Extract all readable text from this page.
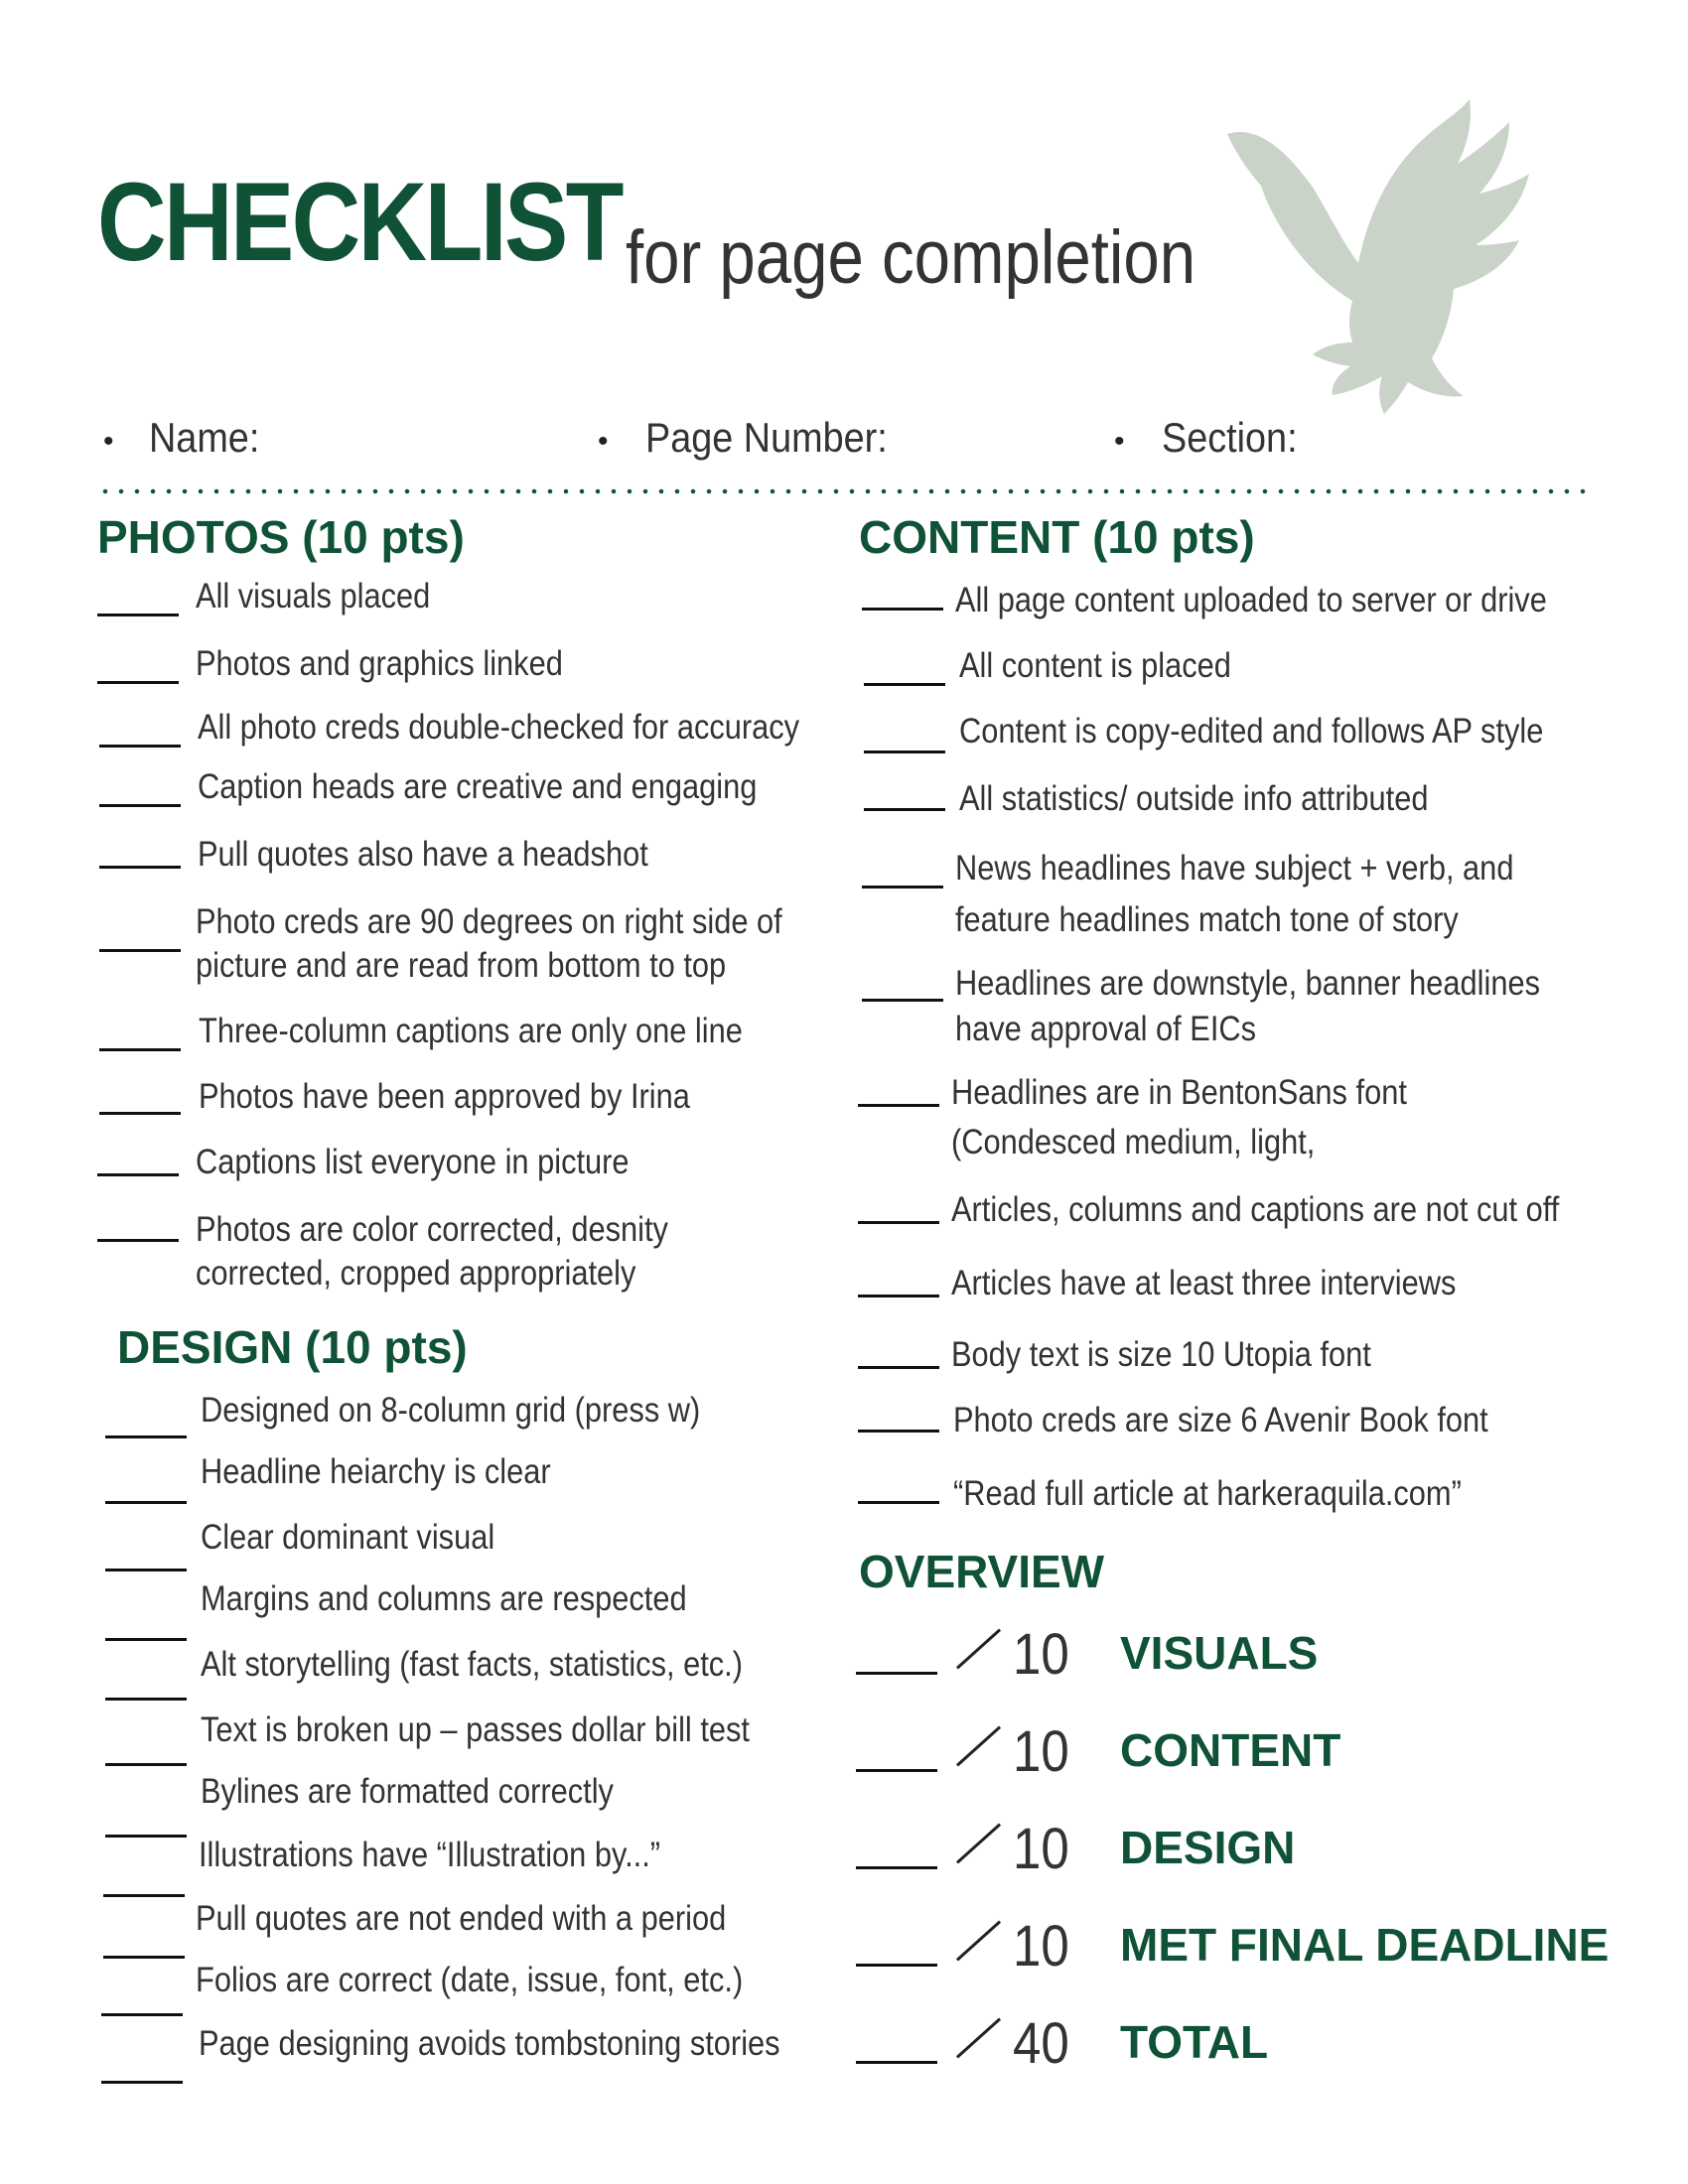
CHECKLIST for page completion
• Name:	• Page Number:	• Section:
PHOTOS (10 pts)
All visuals placed
Photos and graphics linked
All photo creds double-checked for accuracy
Caption heads are creative and engaging
Pull quotes also have a headshot
Photo creds are 90 degrees on right side of
picture and are read from bottom to top
Three-column captions are only one line
Photos have been approved by Irina
Captions list everyone in picture
Photos are color corrected, desnity
corrected, cropped appropriately
DESIGN (10 pts)
Designed on 8-column grid (press w)
Headline heiarchy is clear
Clear dominant visual
Margins and columns are respected
Alt storytelling (fast facts, statistics, etc.)
Text is broken up – passes dollar bill test
Bylines are formatted correctly
Illustrations have “Illustration by...”
Pull quotes are not ended with a period
Folios are correct (date, issue, font, etc.)
Page designing avoids tombstoning stories
CONTENT (10 pts)
All page content uploaded to server or drive
All content is placed
Content is copy-edited and follows AP style
All statistics/ outside info attributed
News headlines have subject + verb, and
feature headlines match tone of story
Headlines are downstyle, banner headlines
have approval of EICs
Headlines are in BentonSans font
(Condesced medium, light,
Articles, columns and captions are not cut off
Articles have at least three interviews
Body text is size 10 Utopia font
Photo creds are size 6 Avenir Book font
“Read full article at harkeraquila.com”
OVERVIEW
10 VISUALS
10 CONTENT
10 DESIGN
10 MET FINAL DEADLINE
40 TOTAL
